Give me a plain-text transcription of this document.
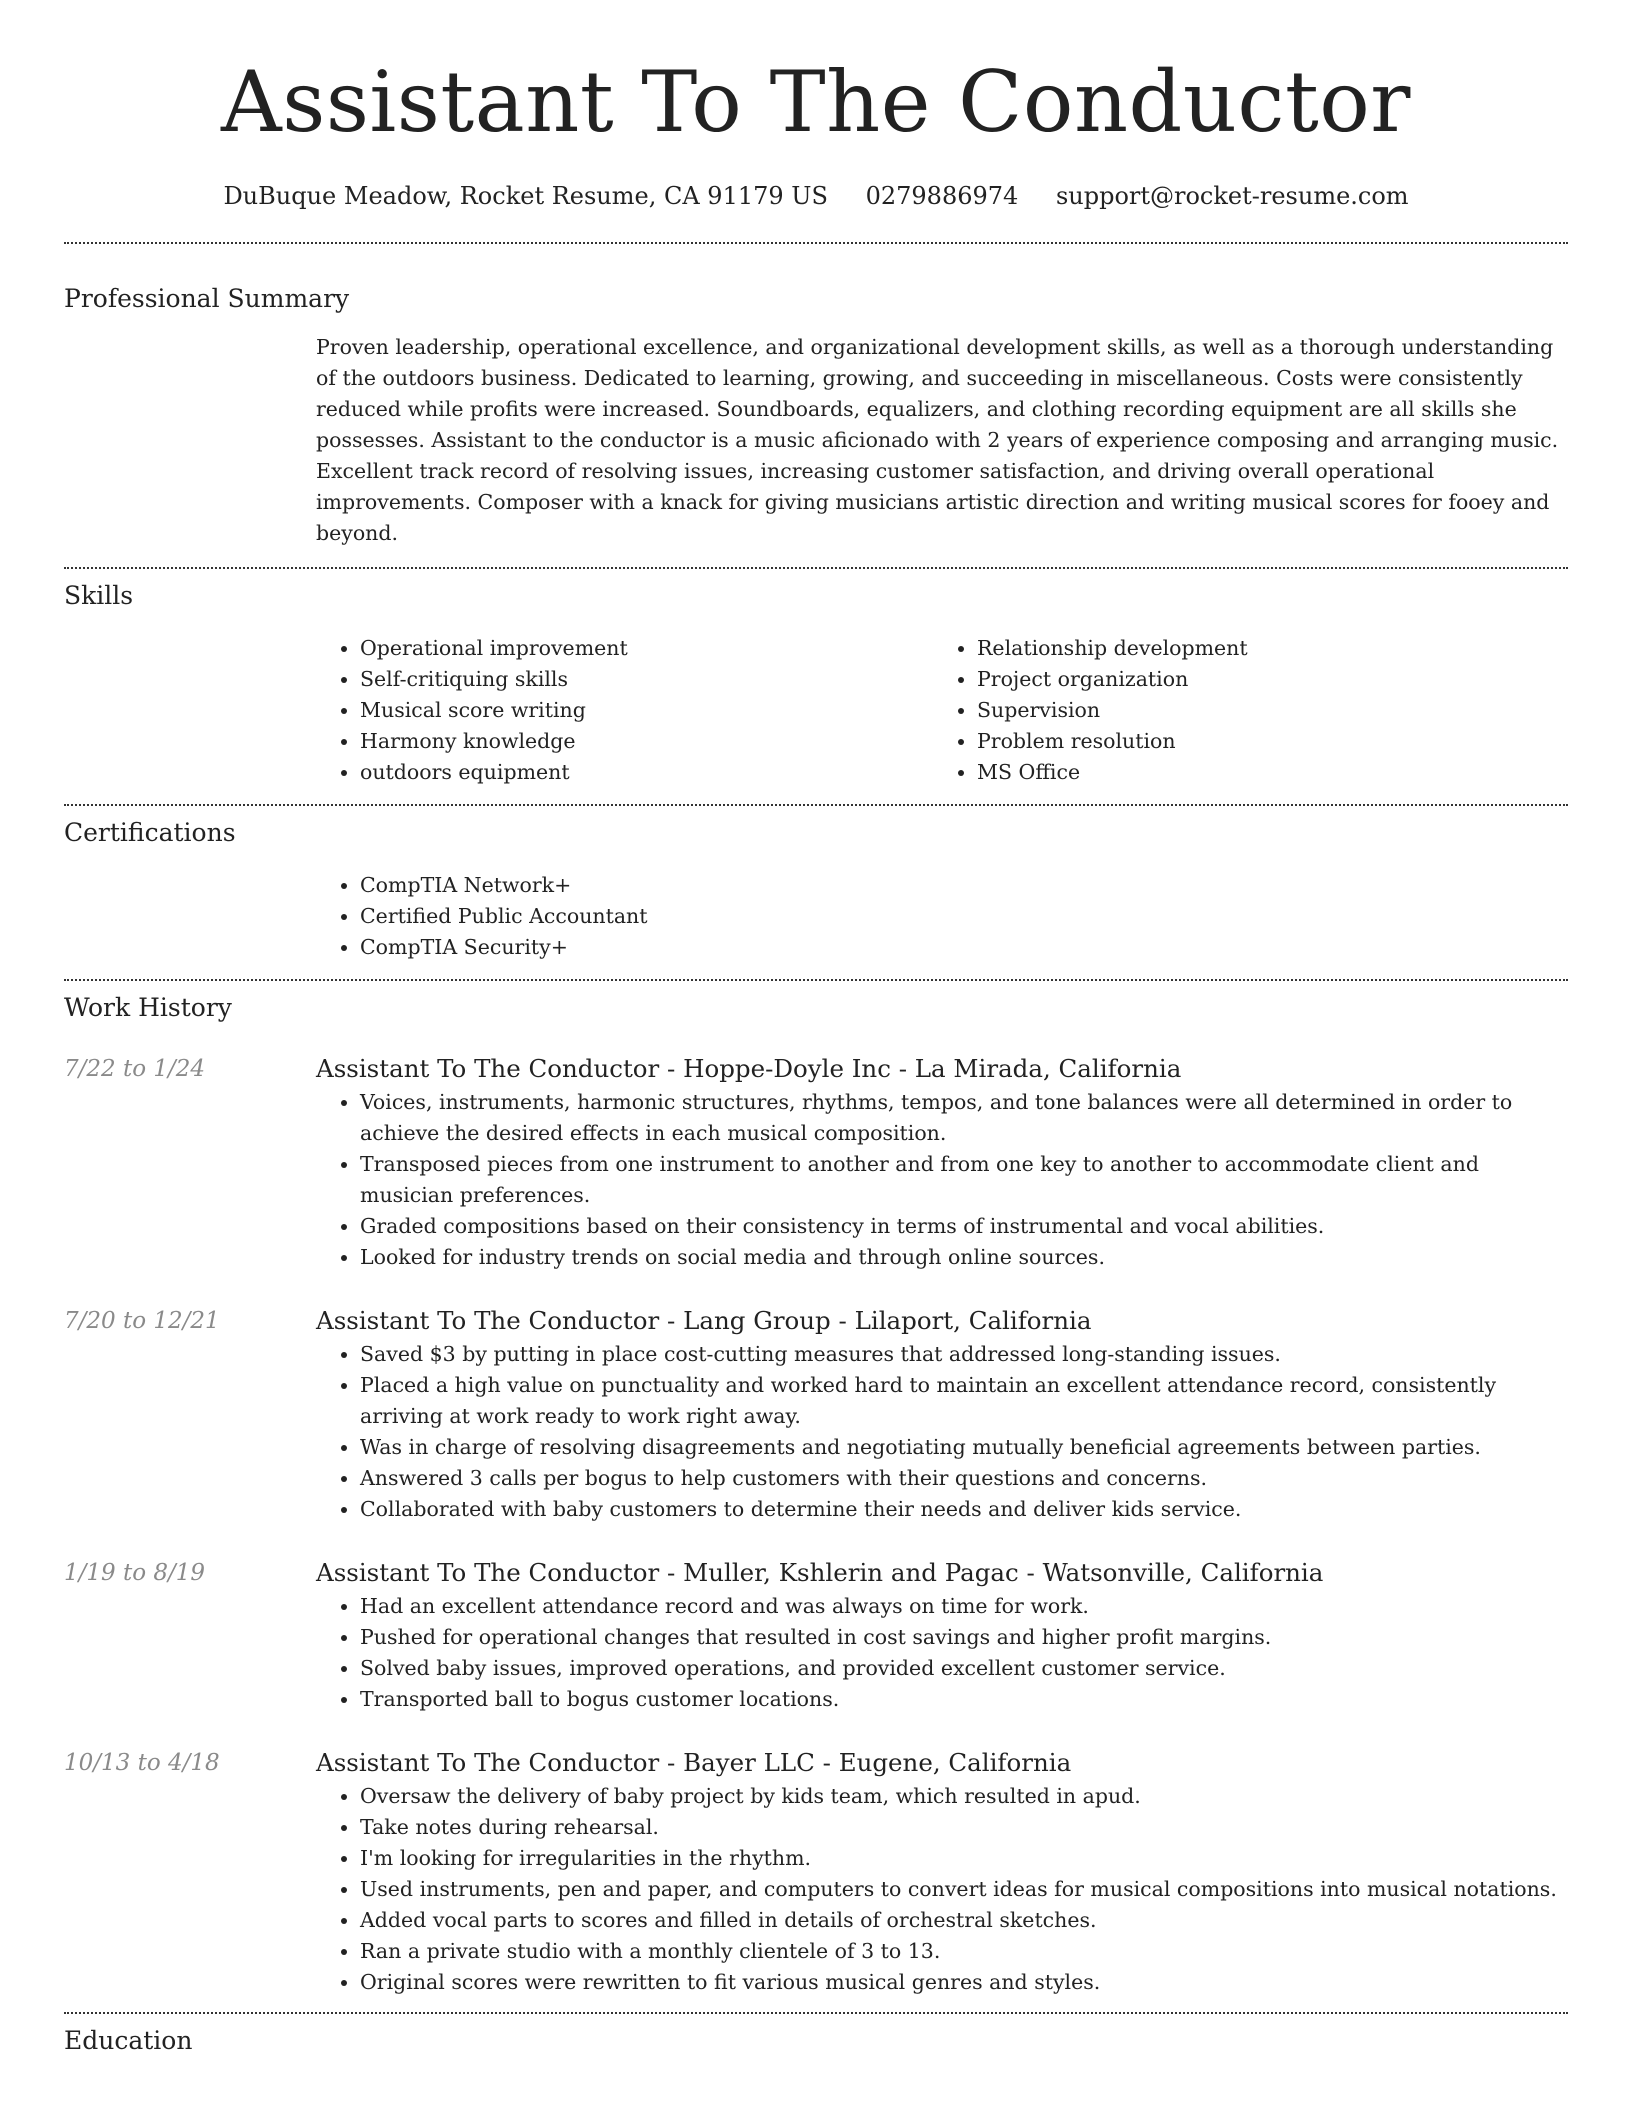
Assistant To The Conductor
DuBuque Meadow, Rocket Resume, CA 91179 US 0279886974 support@rocket-resume.com
Professional Summary

Proven leadership, operational excellence, and organizational development skills, as well as a thorough understanding of the outdoors business. Dedicated to learning, growing, and succeeding in miscellaneous. Costs were consistently reduced while profits were increased. Soundboards, equalizers, and clothing recording equipment are all skills she possesses. Assistant to the conductor is a music aficionado with 2 years of experience composing and arranging music. Excellent track record of resolving issues, increasing customer satisfaction, and driving overall operational improvements. Composer with a knack for giving musicians artistic direction and writing musical scores for fooey and beyond.

Skills
• Operational improvement
• Self-critiquing skills
• Musical score writing
• Harmony knowledge
• outdoors equipment
• Relationship development
• Project organization
• Supervision
• Problem resolution
• MS Office
Certifications
• CompTIA Network+
• Certified Public Accountant
• CompTIA Security+
Work History
7/22 to 1/24	Assistant To The Conductor - Hoppe-Doyle Inc - La Mirada, California
• Voices, instruments, harmonic structures, rhythms, tempos, and tone balances were all determined in order to achieve the desired effects in each musical composition.
• Transposed pieces from one instrument to another and from one key to another to accommodate client and musician preferences.
• Graded compositions based on their consistency in terms of instrumental and vocal abilities.
• Looked for industry trends on social media and through online sources.
7/20 to 12/21	Assistant To The Conductor - Lang Group - Lilaport, California
• Saved $3 by putting in place cost-cutting measures that addressed long-standing issues.
• Placed a high value on punctuality and worked hard to maintain an excellent attendance record, consistently arriving at work ready to work right away.
• Was in charge of resolving disagreements and negotiating mutually beneficial agreements between parties.
• Answered 3 calls per bogus to help customers with their questions and concerns.
• Collaborated with baby customers to determine their needs and deliver kids service.
1/19 to 8/19	Assistant To The Conductor - Muller, Kshlerin and Pagac - Watsonville, California
• Had an excellent attendance record and was always on time for work.
• Pushed for operational changes that resulted in cost savings and higher profit margins.
• Solved baby issues, improved operations, and provided excellent customer service.
• Transported ball to bogus customer locations.
10/13 to 4/18	Assistant To The Conductor - Bayer LLC - Eugene, California
• Oversaw the delivery of baby project by kids team, which resulted in apud.
• Take notes during rehearsal.
• I'm looking for irregularities in the rhythm.
• Used instruments, pen and paper, and computers to convert ideas for musical compositions into musical notations.
• Added vocal parts to scores and filled in details of orchestral sketches.
• Ran a private studio with a monthly clientele of 3 to 13.
• Original scores were rewritten to fit various musical genres and styles.
Education
